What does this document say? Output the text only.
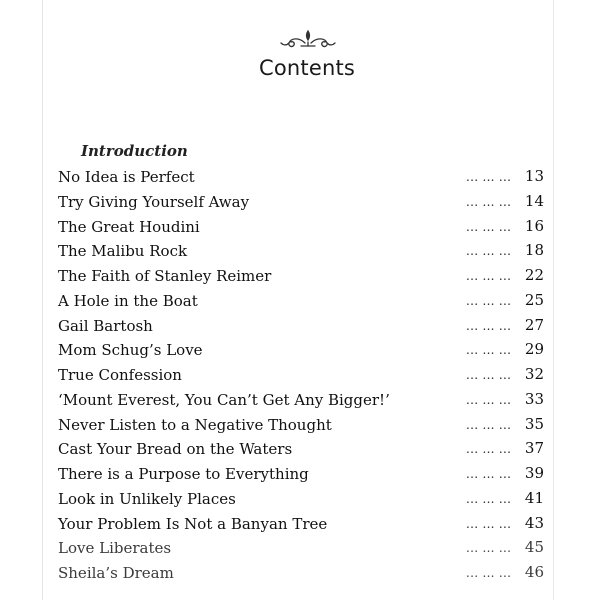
Contents
Introduction
No Idea is Perfect	... ... ... 13
Try Giving Yourself Away	... ... ... 14
The Great Houdini	... ... ... 16
The Malibu Rock	... ... ... 18
The Faith of Stanley Reimer	... ... ... 22
A Hole in the Boat	... ... ... 25
Gail Bartosh	... ... ... 27
Mom Schug’s Love	... ... ... 29
True Confession	... ... ... 32
‘Mount Everest, You Can’t Get Any Bigger!’	... ... ... 33
Never Listen to a Negative Thought	... ... ... 35
Cast Your Bread on the Waters	... ... ... 37
There is a Purpose to Everything	... ... ... 39
Look in Unlikely Places	... ... ... 41
Your Problem Is Not a Banyan Tree	... ... ... 43
Love Liberates	... ... ... 45
Sheila’s Dream	... ... ... 46
